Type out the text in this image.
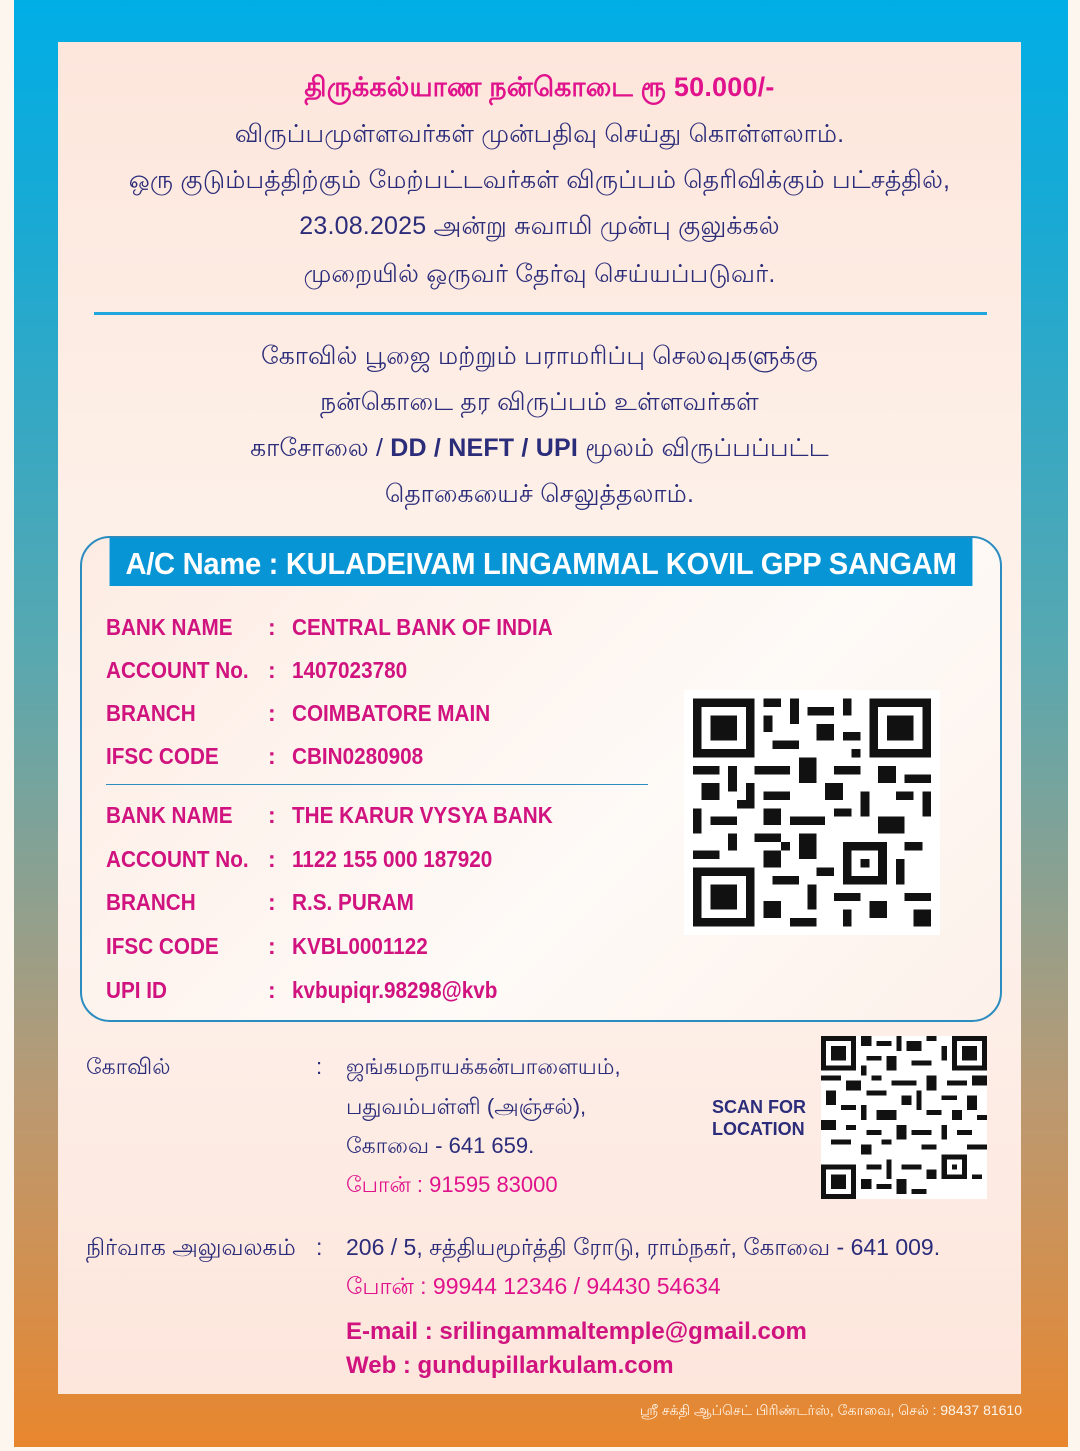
திருக்கல்யாண நன்கொடை ரூ 50.000/-
விருப்பமுள்ளவர்கள் முன்பதிவு செய்து கொள்ளலாம்.
ஒரு குடும்பத்திற்கும் மேற்பட்டவர்கள் விருப்பம் தெரிவிக்கும் பட்சத்தில்,
23.08.2025 அன்று சுவாமி முன்பு குலுக்கல்
முறையில் ஒருவர் தேர்வு செய்யப்படுவர்.
கோவில் பூஜை மற்றும் பராமரிப்பு செலவுகளுக்கு
நன்கொடை தர விருப்பம் உள்ளவர்கள்
காசோலை / DD / NEFT / UPI மூலம் விருப்பப்பட்ட
தொகையைச் செலுத்தலாம்.
A/C Name : KULADEIVAM LINGAMMAL KOVIL GPP SANGAM
BANK NAME	: CENTRAL BANK OF INDIA
ACCOUNT No. : 1407023780
BRANCH	: COIMBATORE MAIN
IFSC CODE	: CBIN0280908
BANK NAME	: THE KARUR VYSYA BANK
ACCOUNT No. : 1122 155 000 187920
BRANCH	: R.S. PURAM
IFSC CODE	: KVBL0001122
UPI ID	: kvbupiqr.98298@kvb
கோவில்	: ஜங்கமநாயக்கன்பாளையம்,
பதுவம்பள்ளி (அஞ்சல்),
கோவை - 641 659.
போன் : 91595 83000
SCAN FOR
LOCATION
நிர்வாக அலுவலகம் : 206 / 5, சத்தியமூர்த்தி ரோடு, ராம்நகர், கோவை - 641 009.
போன் : 99944 12346 / 94430 54634
E-mail : srilingammaltemple@gmail.com
Web : gundupillarkulam.com
ஸ்ரீ சக்தி ஆப்செட் பிரிண்டர்ஸ், கோவை, செல் : 98437 81610
